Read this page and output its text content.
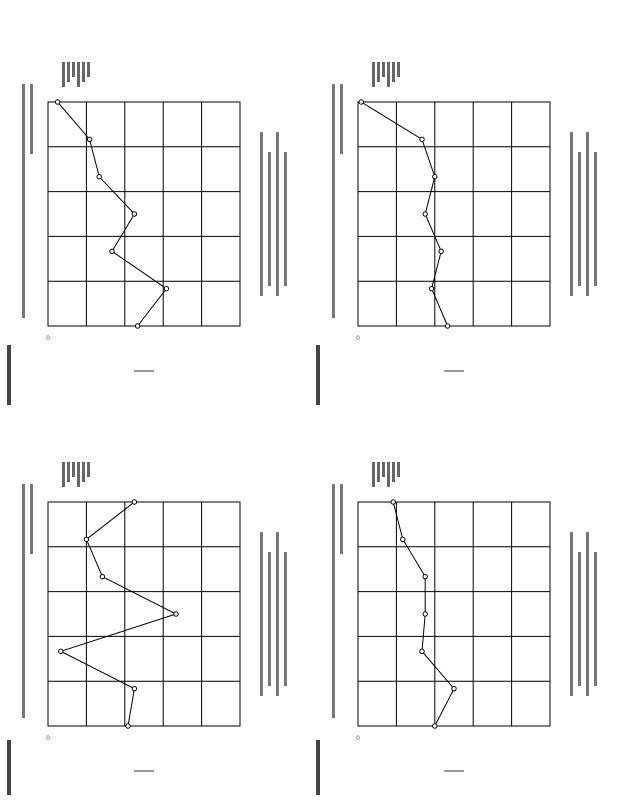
0
0
0
0
